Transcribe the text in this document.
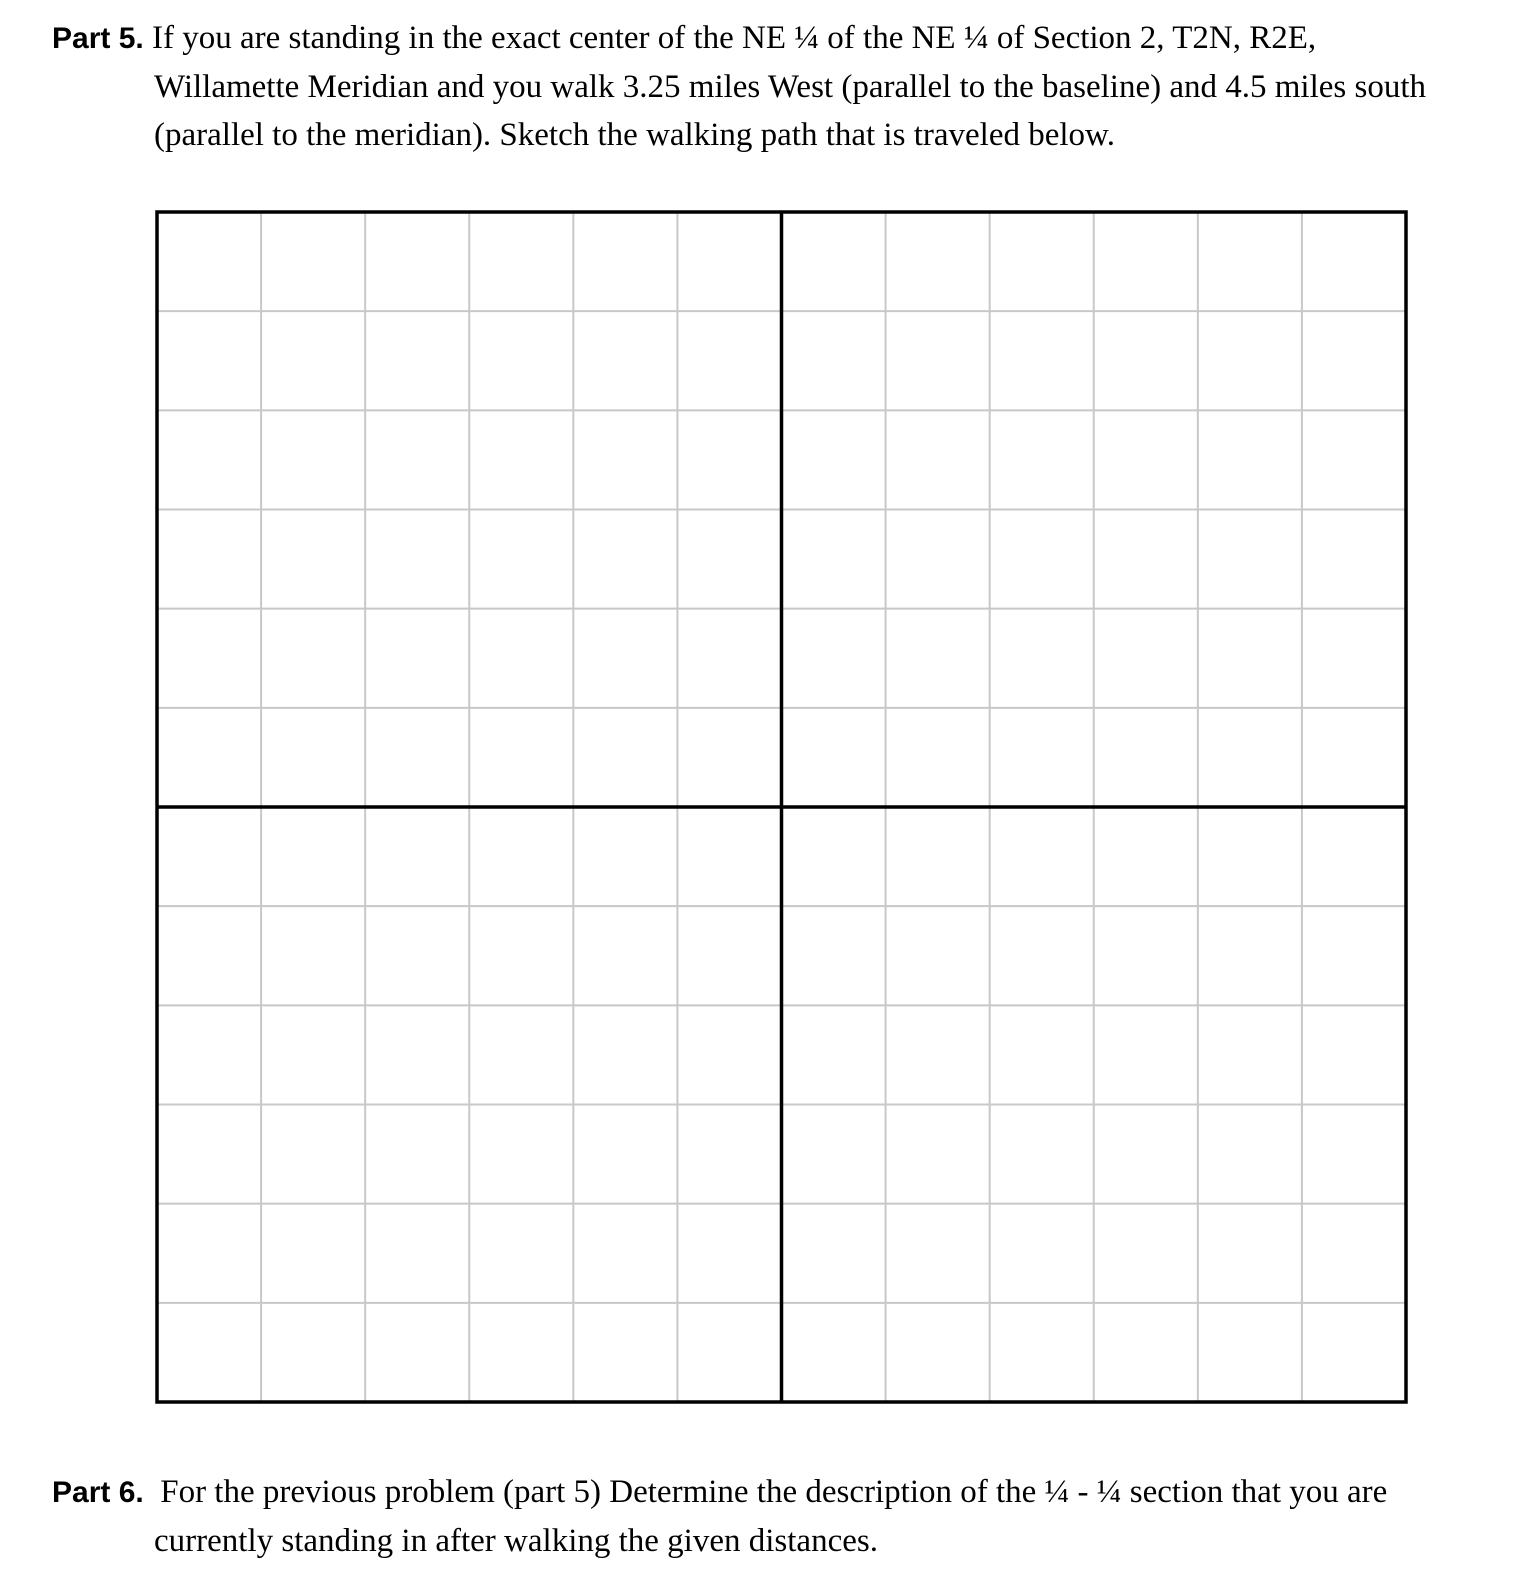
Part 5. If you are standing in the exact center of the NE ¼ of the NE ¼ of Section 2, T2N, R2E,
Willamette Meridian and you walk 3.25 miles West (parallel to the baseline) and 4.5 miles south
(parallel to the meridian). Sketch the walking path that is traveled below.
Part 6. For the previous problem (part 5) Determine the description of the ¼ - ¼ section that you are
currently standing in after walking the given distances.
